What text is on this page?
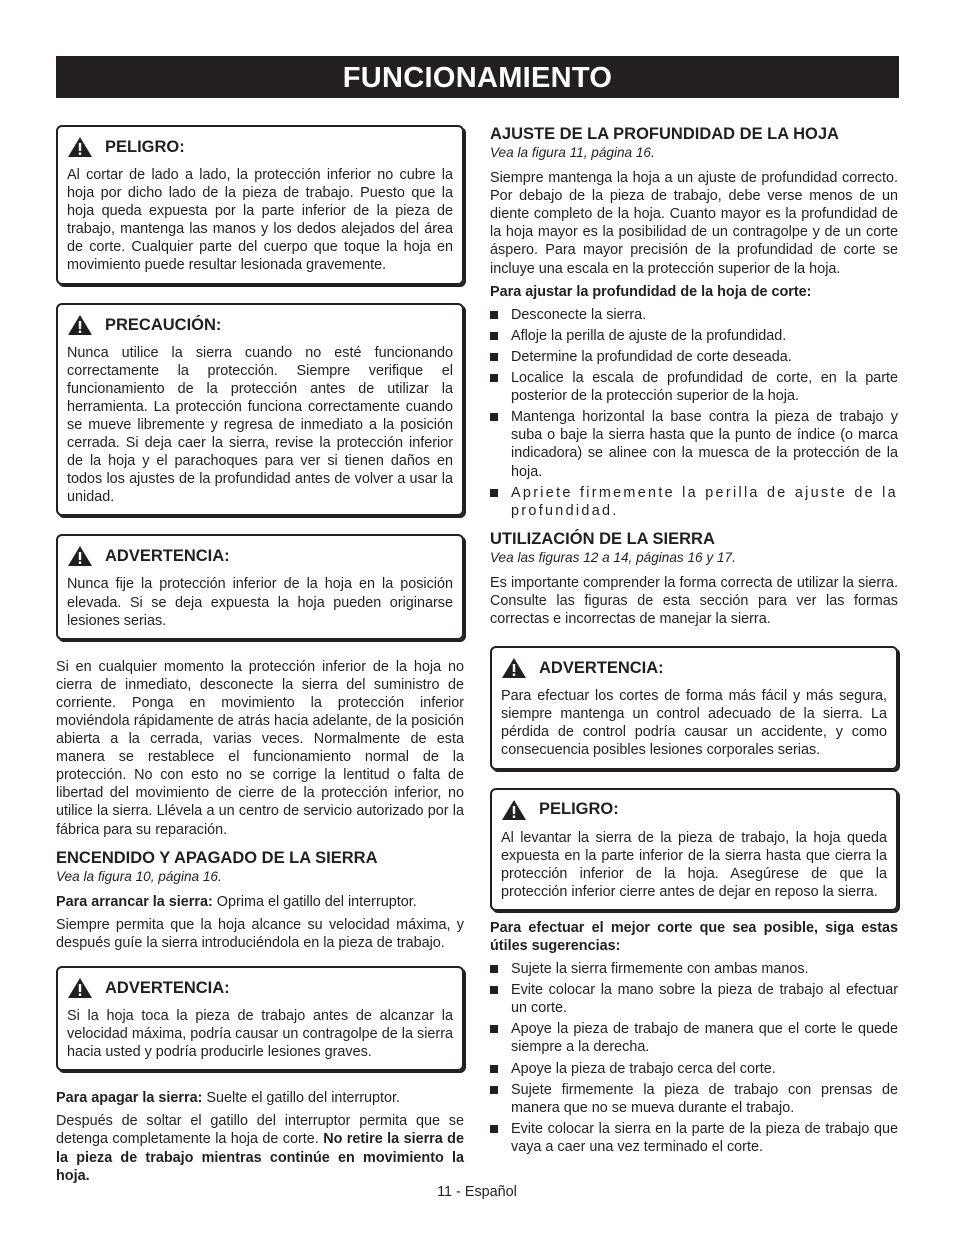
FUNCIONAMIENTO
PELIGRO:

Al cortar de lado a lado, la protección inferior no cubre la hoja por dicho lado de la pieza de trabajo. Puesto que la hoja queda expuesta por la parte inferior de la pieza de trabajo, mantenga las manos y los dedos alejados del área de corte. Cualquier parte del cuerpo que toque la hoja en movimiento puede resultar lesionada gravemente.

PRECAUCIÓN:

Nunca utilice la sierra cuando no esté funcionando correctamente la protección. Siempre verifique el funcionamiento de la protección antes de utilizar la herramienta. La protección funciona correctamente cuando se mueve libremente y regresa de inmediato a la posición cerrada. Si deja caer la sierra, revise la protección inferior de la hoja y el parachoques para ver si tienen daños en todos los ajustes de la profundidad antes de volver a usar la unidad.

ADVERTENCIA:

Nunca fije la protección inferior de la hoja en la posición elevada. Si se deja expuesta la hoja pueden originarse lesiones serias.

Si en cualquier momento la protección inferior de la hoja no cierra de inmediato, desconecte la sierra del suministro de corriente. Ponga en movimiento la protección inferior moviéndola rápidamente de atrás hacia adelante, de la posición abierta a la cerrada, varias veces. Normalmente de esta manera se restablece el funcionamiento normal de la protección. No con esto no se corrige la lentitud o falta de libertad del movimiento de cierre de la protección inferior, no utilice la sierra. Llévela a un centro de servicio autorizado por la fábrica para su reparación.

ENCENDIDO Y APAGADO DE LA SIERRA

Vea la figura 10, página 16.

Para arrancar la sierra: Oprima el gatillo del interruptor.

Siempre permita que la hoja alcance su velocidad máxima, y después guíe la sierra introduciéndola en la pieza de trabajo.

ADVERTENCIA:

Si la hoja toca la pieza de trabajo antes de alcanzar la velocidad máxima, podría causar un contragolpe de la sierra hacia usted y podría producirle lesiones graves.

Para apagar la sierra: Suelte el gatillo del interruptor.

Después de soltar el gatillo del interruptor permita que se detenga completamente la hoja de corte. No retire la sierra de la pieza de trabajo mientras continúe en movimiento la hoja.

AJUSTE DE LA PROFUNDIDAD DE LA HOJA

Vea la figura 11, página 16.

Siempre mantenga la hoja a un ajuste de profundidad correcto. Por debajo de la pieza de trabajo, debe verse menos de un diente completo de la hoja. Cuanto mayor es la profundidad de la hoja mayor es la posibilidad de un contragolpe y de un corte áspero. Para mayor precisión de la profundidad de corte se incluye una escala en la protección superior de la hoja.

Para ajustar la profundidad de la hoja de corte:

Desconecte la sierra.
Afloje la perilla de ajuste de la profundidad.
Determine la profundidad de corte deseada.
Localice la escala de profundidad de corte, en la parte posterior de la protección superior de la hoja.
Mantenga horizontal la base contra la pieza de trabajo y suba o baje la sierra hasta que la punto de índice (o marca indicadora) se alinee con la muesca de la protección de la hoja.
Apriete firmemente la perilla de ajuste de la profundidad.
UTILIZACIÓN DE LA SIERRA

Vea las figuras 12 a 14, páginas 16 y 17.

Es importante comprender la forma correcta de utilizar la sierra. Consulte las figuras de esta sección para ver las formas correctas e incorrectas de manejar la sierra.

ADVERTENCIA:

Para efectuar los cortes de forma más fácil y más segura, siempre mantenga un control adecuado de la sierra. La pérdida de control podría causar un accidente, y como consecuencia posibles lesiones corporales serias.

PELIGRO:

Al levantar la sierra de la pieza de trabajo, la hoja queda expuesta en la parte inferior de la sierra hasta que cierra la protección inferior de la hoja. Asegúrese de que la protección inferior cierre antes de dejar en reposo la sierra.

Para efectuar el mejor corte que sea posible, siga estas útiles sugerencias:

Sujete la sierra firmemente con ambas manos.
Evite colocar la mano sobre la pieza de trabajo al efectuar un corte.
Apoye la pieza de trabajo de manera que el corte le quede siempre a la derecha.
Apoye la pieza de trabajo cerca del corte.
Sujete firmemente la pieza de trabajo con prensas de manera que no se mueva durante el trabajo.
Evite colocar la sierra en la parte de la pieza de trabajo que vaya a caer una vez terminado el corte.
11 - Español
